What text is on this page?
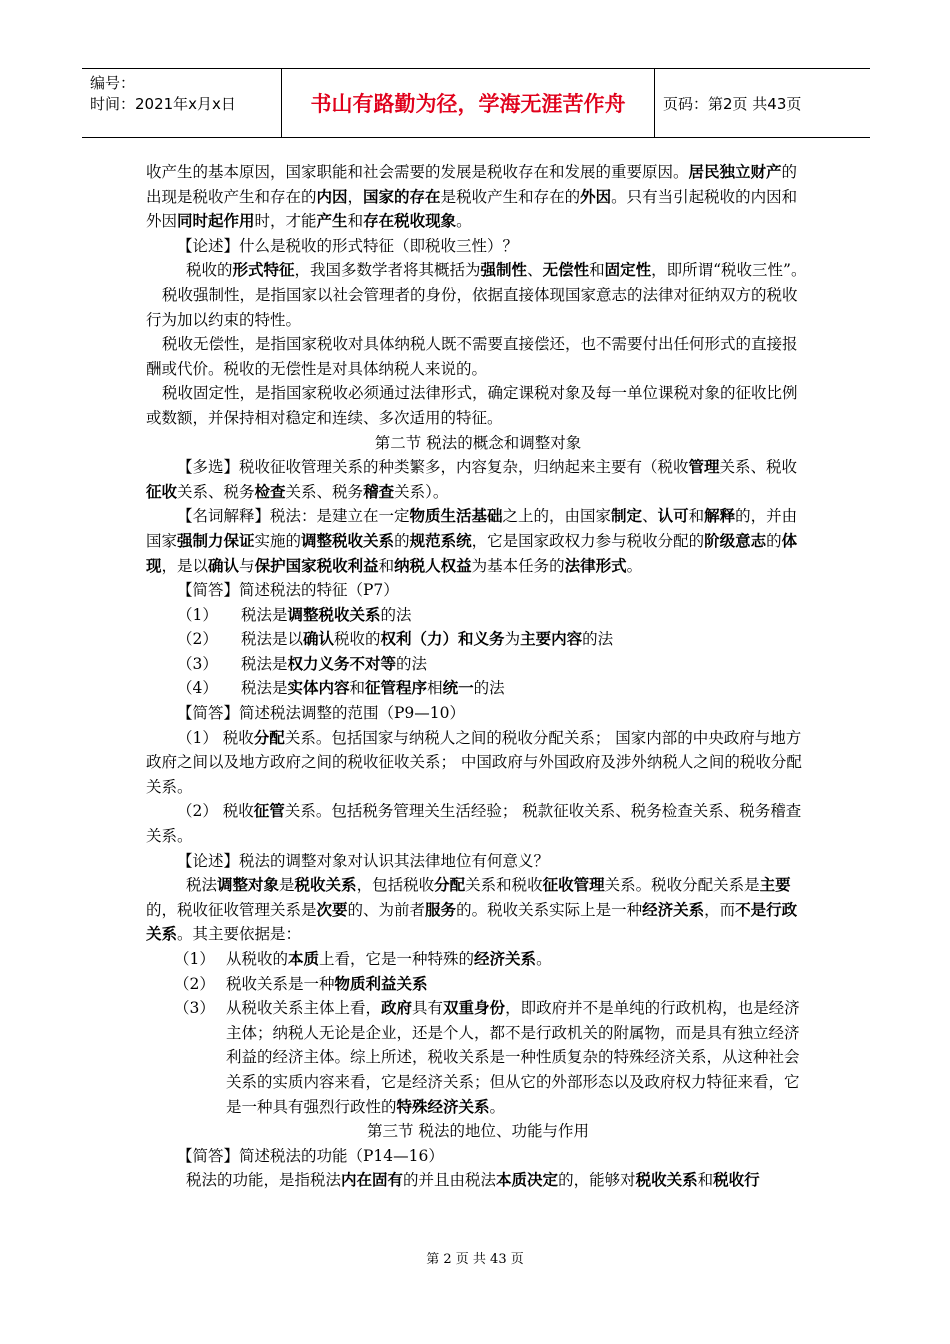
编号：
时间：2021年x月x日	书山有路勤为径，学海无涯苦作舟	页码：第2页 共43页

收产生的基本原因，国家职能和社会需要的发展是税收存在和发展的重要原因。居民独立财产的出现是税收产生和存在的内因，国家的存在是税收产生和存在的外因。只有当引起税收的内因和外因同时起作用时，才能产生和存在税收现象。

【论述】什么是税收的形式特征（即税收三性）？

税收的形式特征，我国多数学者将其概括为强制性、无偿性和固定性，即所谓“税收三性”。

税收强制性，是指国家以社会管理者的身份，依据直接体现国家意志的法律对征纳双方的税收行为加以约束的特性。

税收无偿性，是指国家税收对具体纳税人既不需要直接偿还，也不需要付出任何形式的直接报酬或代价。税收的无偿性是对具体纳税人来说的。

税收固定性，是指国家税收必须通过法律形式，确定课税对象及每一单位课税对象的征收比例或数额，并保持相对稳定和连续、多次适用的特征。

第二节 税法的概念和调整对象

【多选】税收征收管理关系的种类繁多，内容复杂，归纳起来主要有（税收管理关系、税收征收关系、税务检查关系、税务稽查关系）。

【名词解释】税法：是建立在一定物质生活基础之上的，由国家制定、认可和解释的，并由国家强制力保证实施的调整税收关系的规范系统，它是国家政权力参与税收分配的阶级意志的体现，是以确认与保护国家税收利益和纳税人权益为基本任务的法律形式。

【简答】简述税法的特征（P7）

（1）	税法是调整税收关系的法
（2）	税法是以确认税收的权利（力）和义务为主要内容的法
（3）	税法是权力义务不对等的法
（4）	税法是实体内容和征管程序相统一的法

【简答】简述税法调整的范围（P9—10）

（1） 税收分配关系。包括国家与纳税人之间的税收分配关系； 国家内部的中央政府与地方政府之间以及地方政府之间的税收征收关系； 中国政府与外国政府及涉外纳税人之间的税收分配关系。

（2） 税收征管关系。包括税务管理关生活经验； 税款征收关系、税务检查关系、税务稽查关系。

【论述】税法的调整对象对认识其法律地位有何意义？

税法调整对象是税收关系，包括税收分配关系和税收征收管理关系。税收分配关系是主要的，税收征收管理关系是次要的、为前者服务的。税收关系实际上是一种经济关系，而不是行政关系。其主要依据是：

（1） 从税收的本质上看，它是一种特殊的经济关系。
（2） 税收关系是一种物质利益关系
（3） 从税收关系主体上看，政府具有双重身份，即政府并不是单纯的行政机构，也是经济主体；纳税人无论是企业，还是个人，都不是行政机关的附属物，而是具有独立经济利益的经济主体。综上所述，税收关系是一种性质复杂的特殊经济关系，从这种社会关系的实质内容来看，它是经济关系；但从它的外部形态以及政府权力特征来看，它是一种具有强烈行政性的特殊经济关系。

第三节 税法的地位、功能与作用

【简答】简述税法的功能（P14—16）

税法的功能，是指税法内在固有的并且由税法本质决定的，能够对税收关系和税收行

第 2 页 共 43 页
